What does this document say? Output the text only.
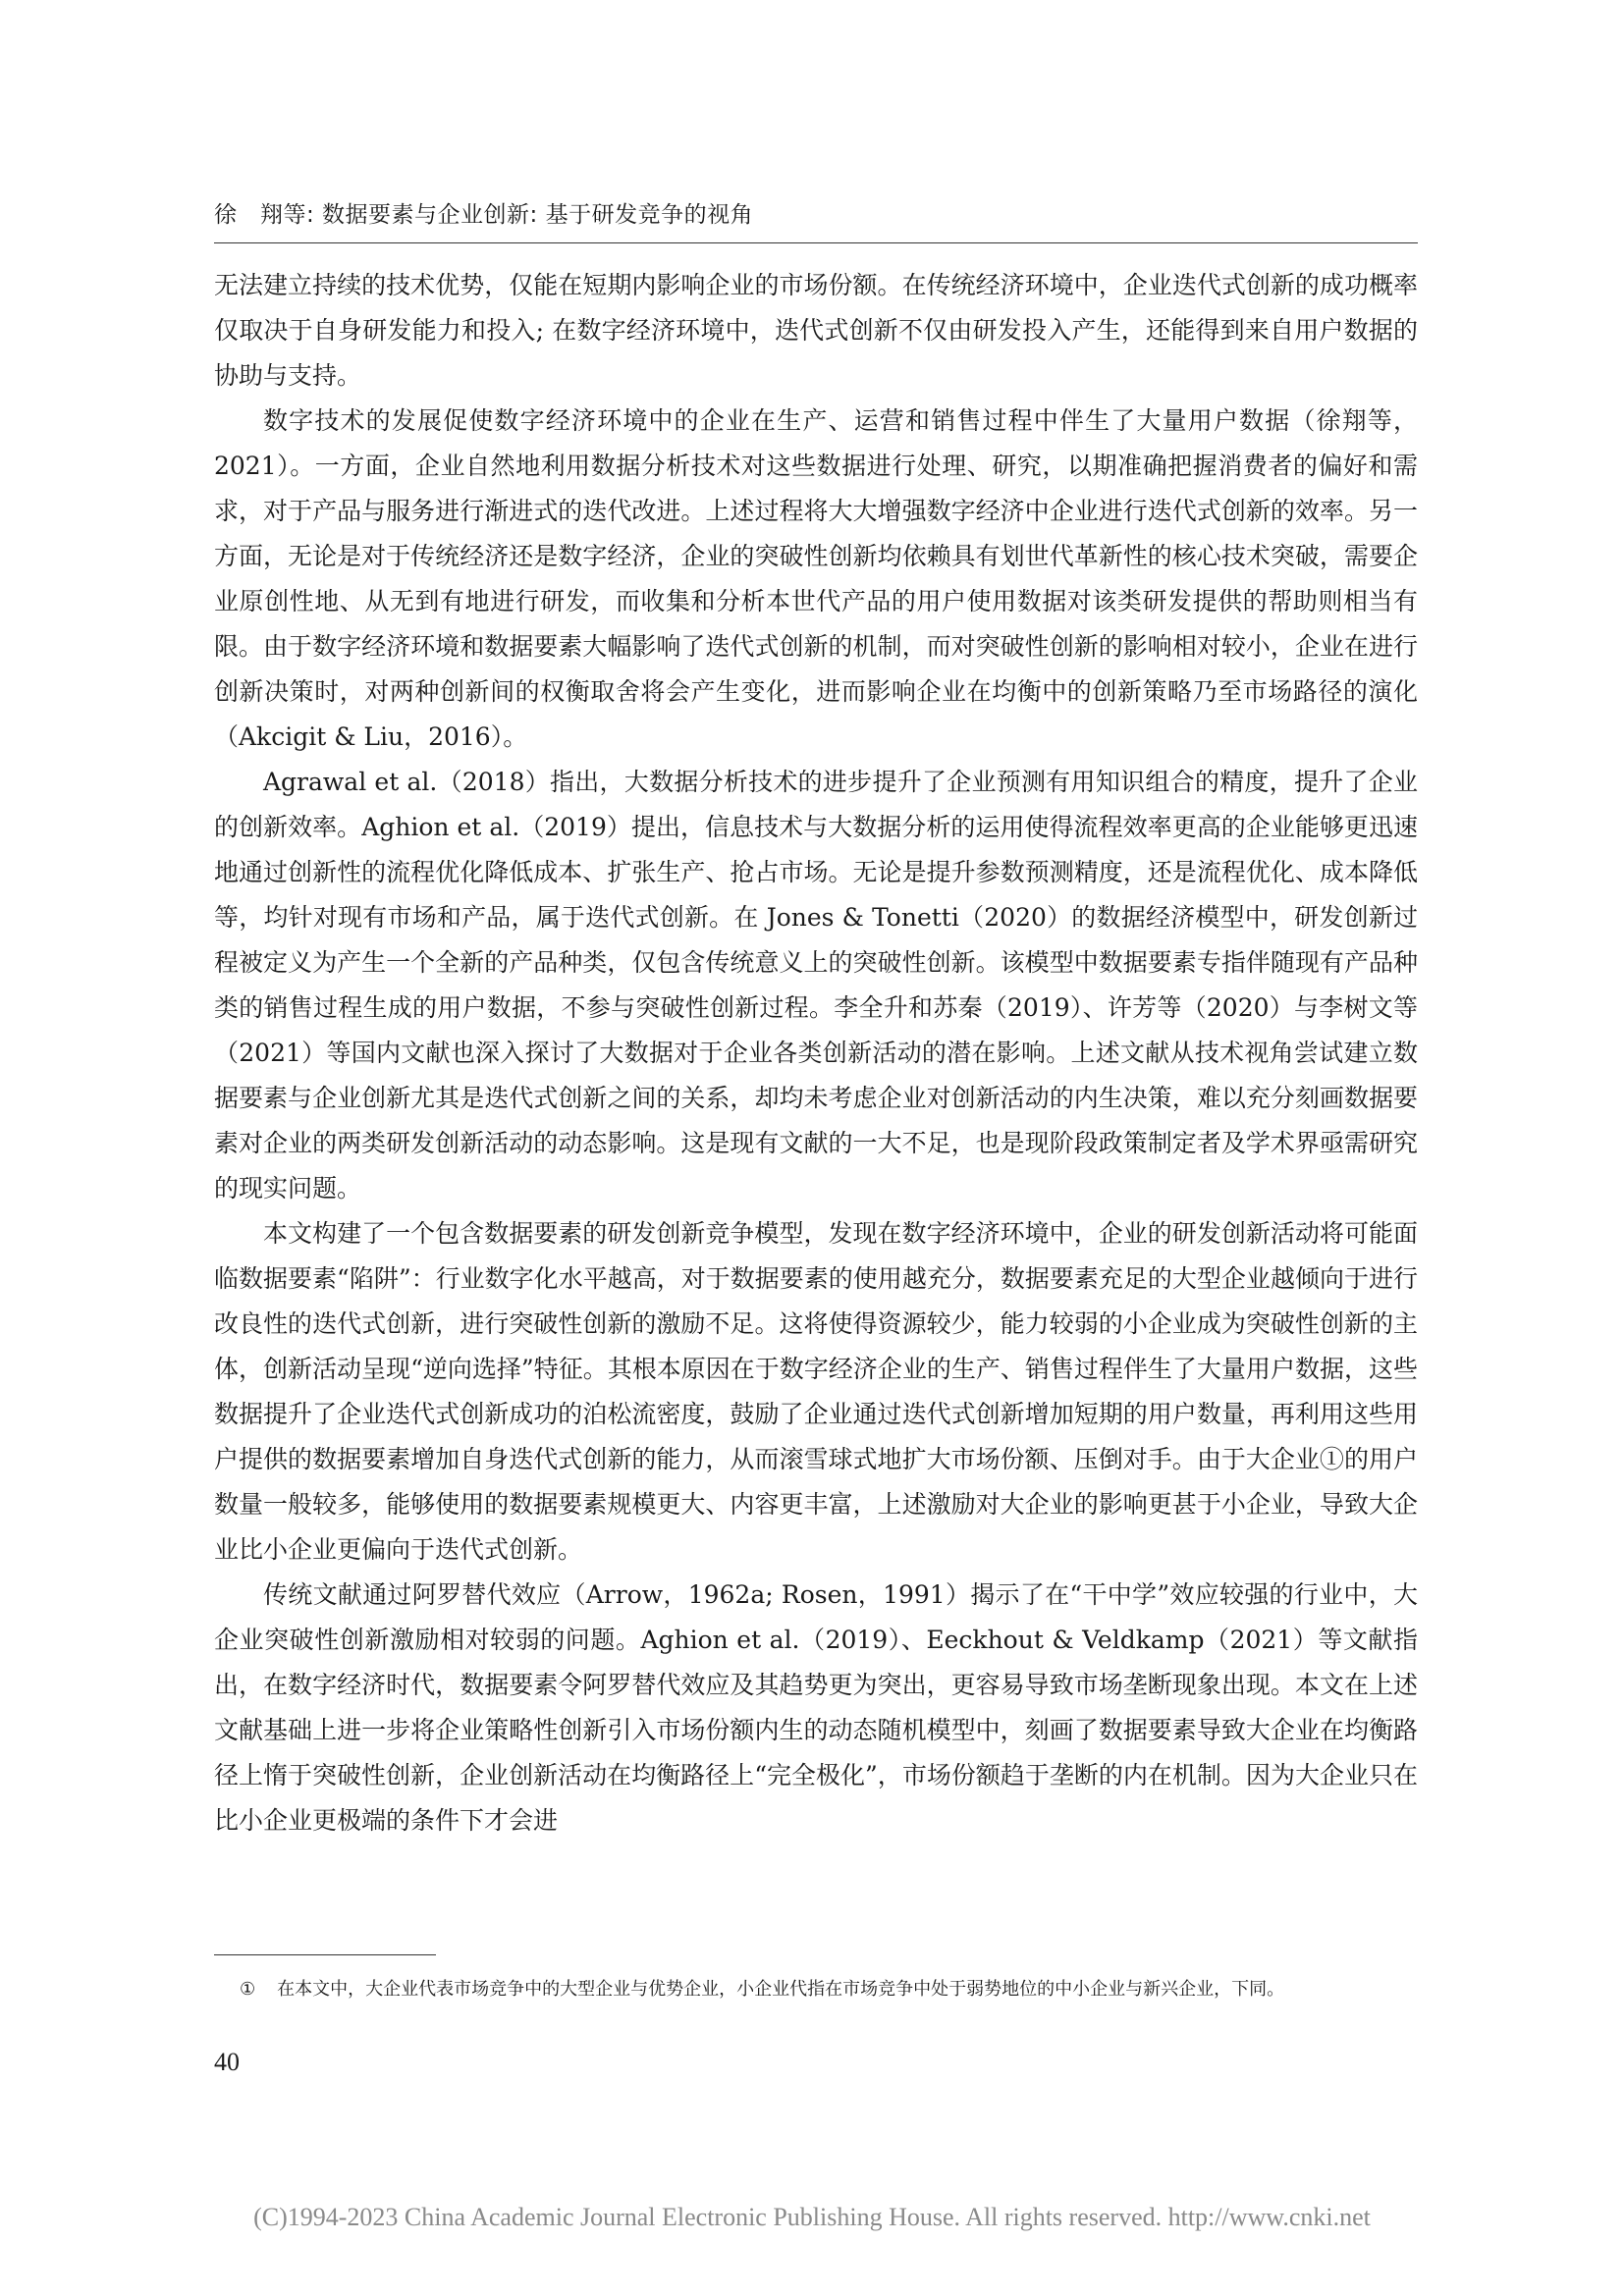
徐　翔等: 数据要素与企业创新: 基于研发竞争的视角

无法建立持续的技术优势，仅能在短期内影响企业的市场份额。在传统经济环境中，企业迭代式创新的成功概率仅取决于自身研发能力和投入; 在数字经济环境中，迭代式创新不仅由研发投入产生，还能得到来自用户数据的协助与支持。

数字技术的发展促使数字经济环境中的企业在生产、运营和销售过程中伴生了大量用户数据（徐翔等，2021）。一方面，企业自然地利用数据分析技术对这些数据进行处理、研究，以期准确把握消费者的偏好和需求，对于产品与服务进行渐进式的迭代改进。上述过程将大大增强数字经济中企业进行迭代式创新的效率。另一方面，无论是对于传统经济还是数字经济，企业的突破性创新均依赖具有划世代革新性的核心技术突破，需要企业原创性地、从无到有地进行研发，而收集和分析本世代产品的用户使用数据对该类研发提供的帮助则相当有限。由于数字经济环境和数据要素大幅影响了迭代式创新的机制，而对突破性创新的影响相对较小，企业在进行创新决策时，对两种创新间的权衡取舍将会产生变化，进而影响企业在均衡中的创新策略乃至市场路径的演化（Akcigit & Liu，2016）。

Agrawal et al.（2018）指出，大数据分析技术的进步提升了企业预测有用知识组合的精度，提升了企业的创新效率。Aghion et al.（2019）提出，信息技术与大数据分析的运用使得流程效率更高的企业能够更迅速地通过创新性的流程优化降低成本、扩张生产、抢占市场。无论是提升参数预测精度，还是流程优化、成本降低等，均针对现有市场和产品，属于迭代式创新。在 Jones & Tonetti（2020）的数据经济模型中，研发创新过程被定义为产生一个全新的产品种类，仅包含传统意义上的突破性创新。该模型中数据要素专指伴随现有产品种类的销售过程生成的用户数据，不参与突破性创新过程。李全升和苏秦（2019）、许芳等（2020）与李树文等（2021）等国内文献也深入探讨了大数据对于企业各类创新活动的潜在影响。上述文献从技术视角尝试建立数据要素与企业创新尤其是迭代式创新之间的关系，却均未考虑企业对创新活动的内生决策，难以充分刻画数据要素对企业的两类研发创新活动的动态影响。这是现有文献的一大不足，也是现阶段政策制定者及学术界亟需研究的现实问题。

本文构建了一个包含数据要素的研发创新竞争模型，发现在数字经济环境中，企业的研发创新活动将可能面临数据要素“陷阱”：行业数字化水平越高，对于数据要素的使用越充分，数据要素充足的大型企业越倾向于进行改良性的迭代式创新，进行突破性创新的激励不足。这将使得资源较少，能力较弱的小企业成为突破性创新的主体，创新活动呈现“逆向选择”特征。其根本原因在于数字经济企业的生产、销售过程伴生了大量用户数据，这些数据提升了企业迭代式创新成功的泊松流密度，鼓励了企业通过迭代式创新增加短期的用户数量，再利用这些用户提供的数据要素增加自身迭代式创新的能力，从而滚雪球式地扩大市场份额、压倒对手。由于大企业①的用户数量一般较多，能够使用的数据要素规模更大、内容更丰富，上述激励对大企业的影响更甚于小企业，导致大企业比小企业更偏向于迭代式创新。

传统文献通过阿罗替代效应（Arrow，1962a; Rosen，1991）揭示了在“干中学”效应较强的行业中，大企业突破性创新激励相对较弱的问题。Aghion et al.（2019）、Eeckhout & Veldkamp（2021）等文献指出，在数字经济时代，数据要素令阿罗替代效应及其趋势更为突出，更容易导致市场垄断现象出现。本文在上述文献基础上进一步将企业策略性创新引入市场份额内生的动态随机模型中，刻画了数据要素导致大企业在均衡路径上惰于突破性创新，企业创新活动在均衡路径上“完全极化”，市场份额趋于垄断的内在机制。因为大企业只在比小企业更极端的条件下才会进

① 在本文中，大企业代表市场竞争中的大型企业与优势企业，小企业代指在市场竞争中处于弱势地位的中小企业与新兴企业，下同。
40
(C)1994-2023 China Academic Journal Electronic Publishing House. All rights reserved. http://www.cnki.net
